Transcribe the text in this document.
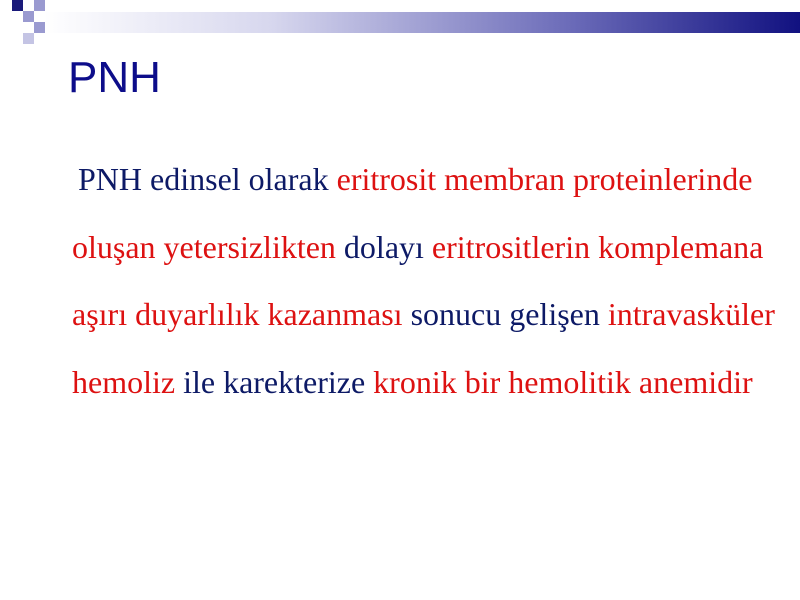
PNH

PNH edinsel olarak eritrosit membran proteinlerinde oluşan yetersizlikten dolayı eritrositlerin komplemana aşırı duyarlılık kazanması sonucu gelişen intravasküler hemoliz ile karekterize kronik bir hemolitik anemidir
